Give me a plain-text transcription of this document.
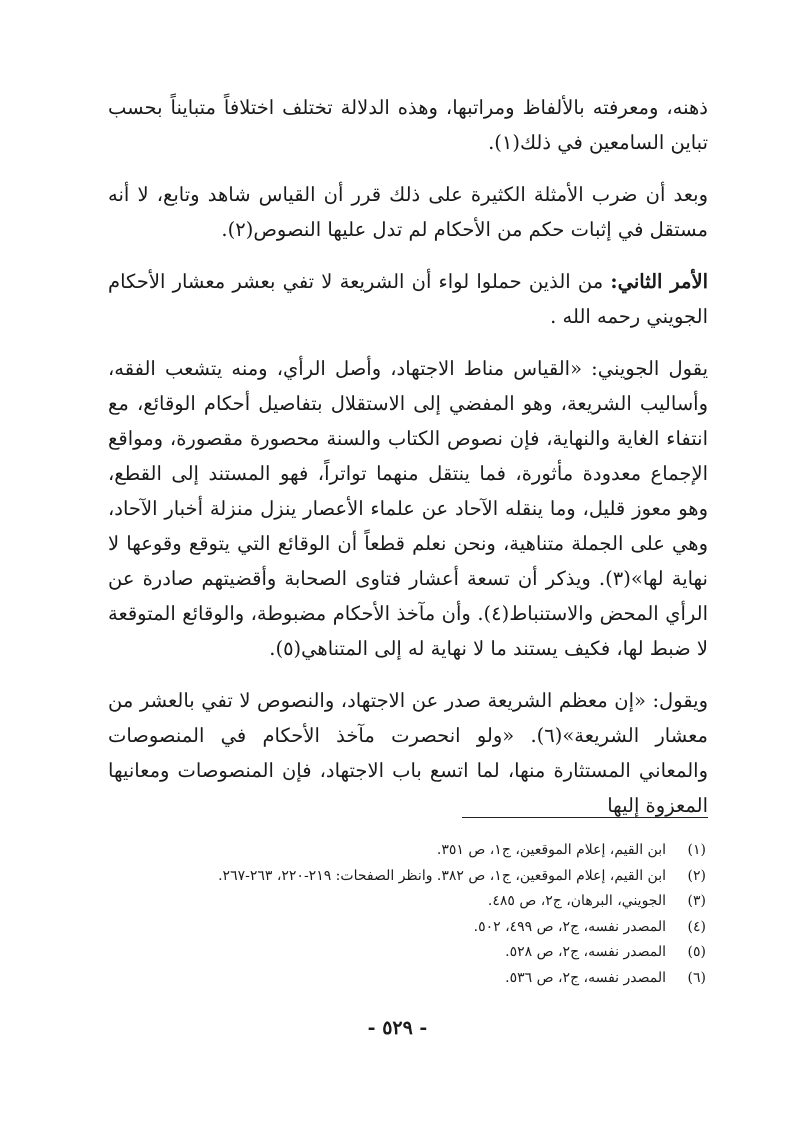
ذهنه، ومعرفته بالألفاظ ومراتبها، وهذه الدلالة تختلف اختلافاً متبايناً بحسب تباين السامعين في ذلك(١).

وبعد أن ضرب الأمثلة الكثيرة على ذلك قرر أن القياس شاهد وتابع، لا أنه مستقل في إثبات حكم من الأحكام لم تدل عليها النصوص(٢).

الأمر الثاني: من الذين حملوا لواء أن الشريعة لا تفي بعشر معشار الأحكام الجويني رحمه الله .

يقول الجويني: «القياس مناط الاجتهاد، وأصل الرأي، ومنه يتشعب الفقه، وأساليب الشريعة، وهو المفضي إلى الاستقلال بتفاصيل أحكام الوقائع، مع انتفاء الغاية والنهاية، فإن نصوص الكتاب والسنة محصورة مقصورة، ومواقع الإجماع معدودة مأثورة، فما ينتقل منهما تواتراً، فهو المستند إلى القطع، وهو معوز قليل، وما ينقله الآحاد عن علماء الأعصار ينزل منزلة أخبار الآحاد، وهي على الجملة متناهية، ونحن نعلم قطعاً أن الوقائع التي يتوقع وقوعها لا نهاية لها»(٣). ويذكر أن تسعة أعشار فتاوى الصحابة وأقضيتهم صادرة عن الرأي المحض والاستنباط(٤). وأن مآخذ الأحكام مضبوطة، والوقائع المتوقعة لا ضبط لها، فكيف يستند ما لا نهاية له إلى المتناهي(٥).

ويقول: «إن معظم الشريعة صدر عن الاجتهاد، والنصوص لا تفي بالعشر من معشار الشريعة»(٦). «ولو انحصرت مآخذ الأحكام في المنصوصات والمعاني المستثارة منها، لما اتسع باب الاجتهاد، فإن المنصوصات ومعانيها المعزوة إليها

(١)
ابن القيم، إعلام الموقعين، ج١، ص ٣٥١.
(٢)
ابن القيم، إعلام الموقعين، ج١، ص ٣٨٢. وانظر الصفحات: ٢١٩-٢٢٠، ٢٦٣-٢٦٧.
(٣)
الجويني، البرهان، ج٢، ص ٤٨٥.
(٤)
المصدر نفسه، ج٢، ص ٤٩٩، ٥٠٢.
(٥)
المصدر نفسه، ج٢، ص ٥٢٨.
(٦)
المصدر نفسه، ج٢، ص ٥٣٦.
- ٥٢٩ -
